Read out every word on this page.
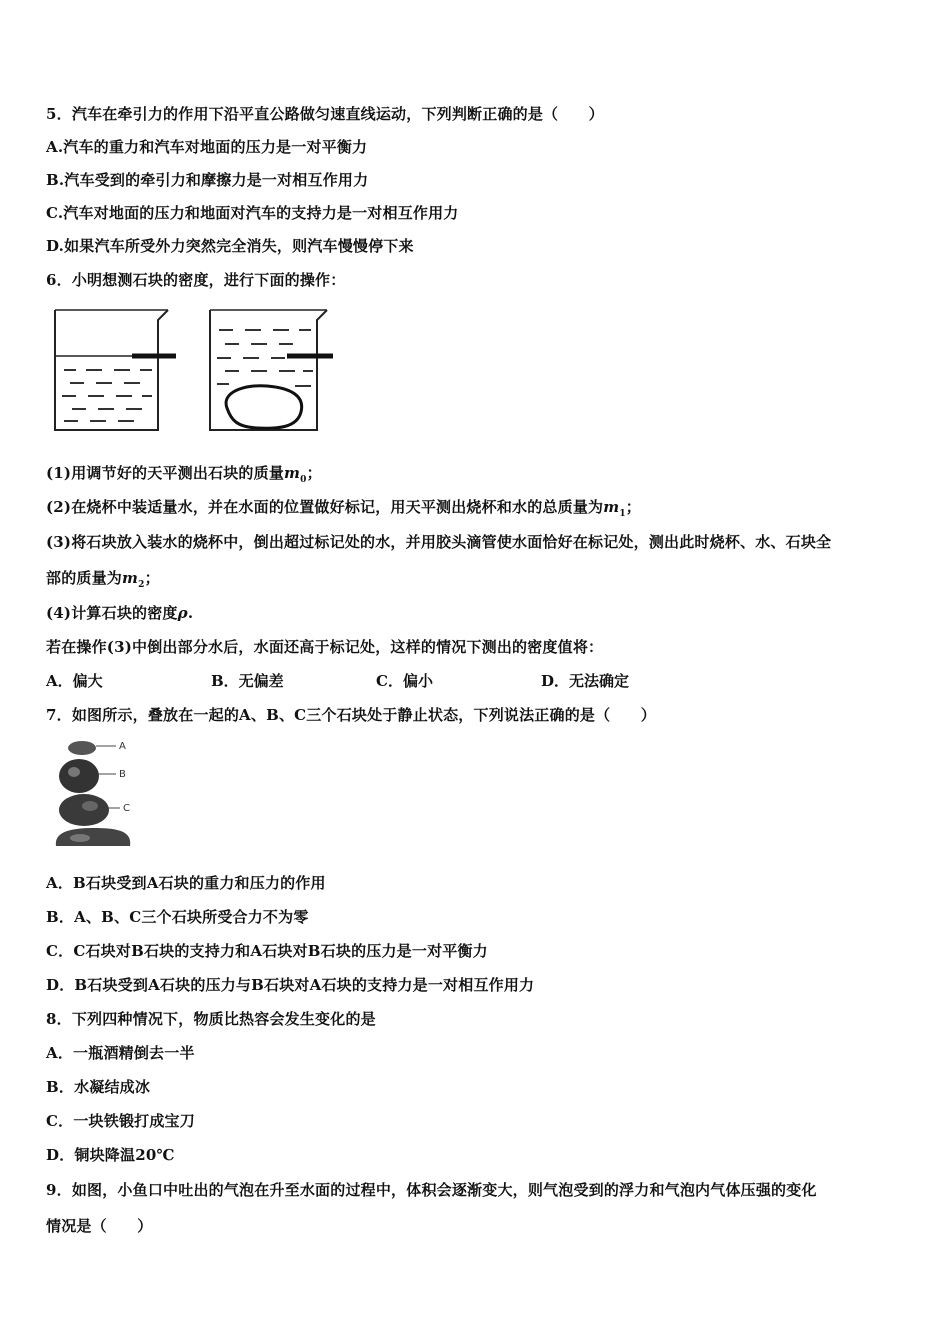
5．汽车在牵引力的作用下沿平直公路做匀速直线运动，下列判断正确的是（　　）
A.汽车的重力和汽车对地面的压力是一对平衡力
B.汽车受到的牵引力和摩擦力是一对相互作用力
C.汽车对地面的压力和地面对汽车的支持力是一对相互作用力
D.如果汽车所受外力突然完全消失，则汽车慢慢停下来
6．小明想测石块的密度，进行下面的操作：
(1)用调节好的天平测出石块的质量$m_0$；
(2)在烧杯中装适量水，并在水面的位置做好标记，用天平测出烧杯和水的总质量为$m_1$；
(3)将石块放入装水的烧杯中，倒出超过标记处的水，并用胶头滴管使水面恰好在标记处，测出此时烧杯、水、石块全
部的质量为$m_2$；
(4)计算石块的密度ρ.
若在操作(3)中倒出部分水后，水面还高于标记处，这样的情况下测出的密度值将：
A．偏大	B．无偏差	C．偏小	D．无法确定
7．如图所示，叠放在一起的A、B、C三个石块处于静止状态，下列说法正确的是（　　）
A
B
C
A．B石块受到A石块的重力和压力的作用
B．A、B、C三个石块所受合力不为零
C．C石块对B石块的支持力和A石块对B石块的压力是一对平衡力
D．B石块受到A石块的压力与B石块对A石块的支持力是一对相互作用力
8．下列四种情况下，物质比热容会发生变化的是
A．一瓶酒精倒去一半
B．水凝结成冰
C．一块铁锻打成宝刀
D．铜块降温20℃
9．如图，小鱼口中吐出的气泡在升至水面的过程中，体积会逐渐变大，则气泡受到的浮力和气泡内气体压强的变化
情况是（　　）
